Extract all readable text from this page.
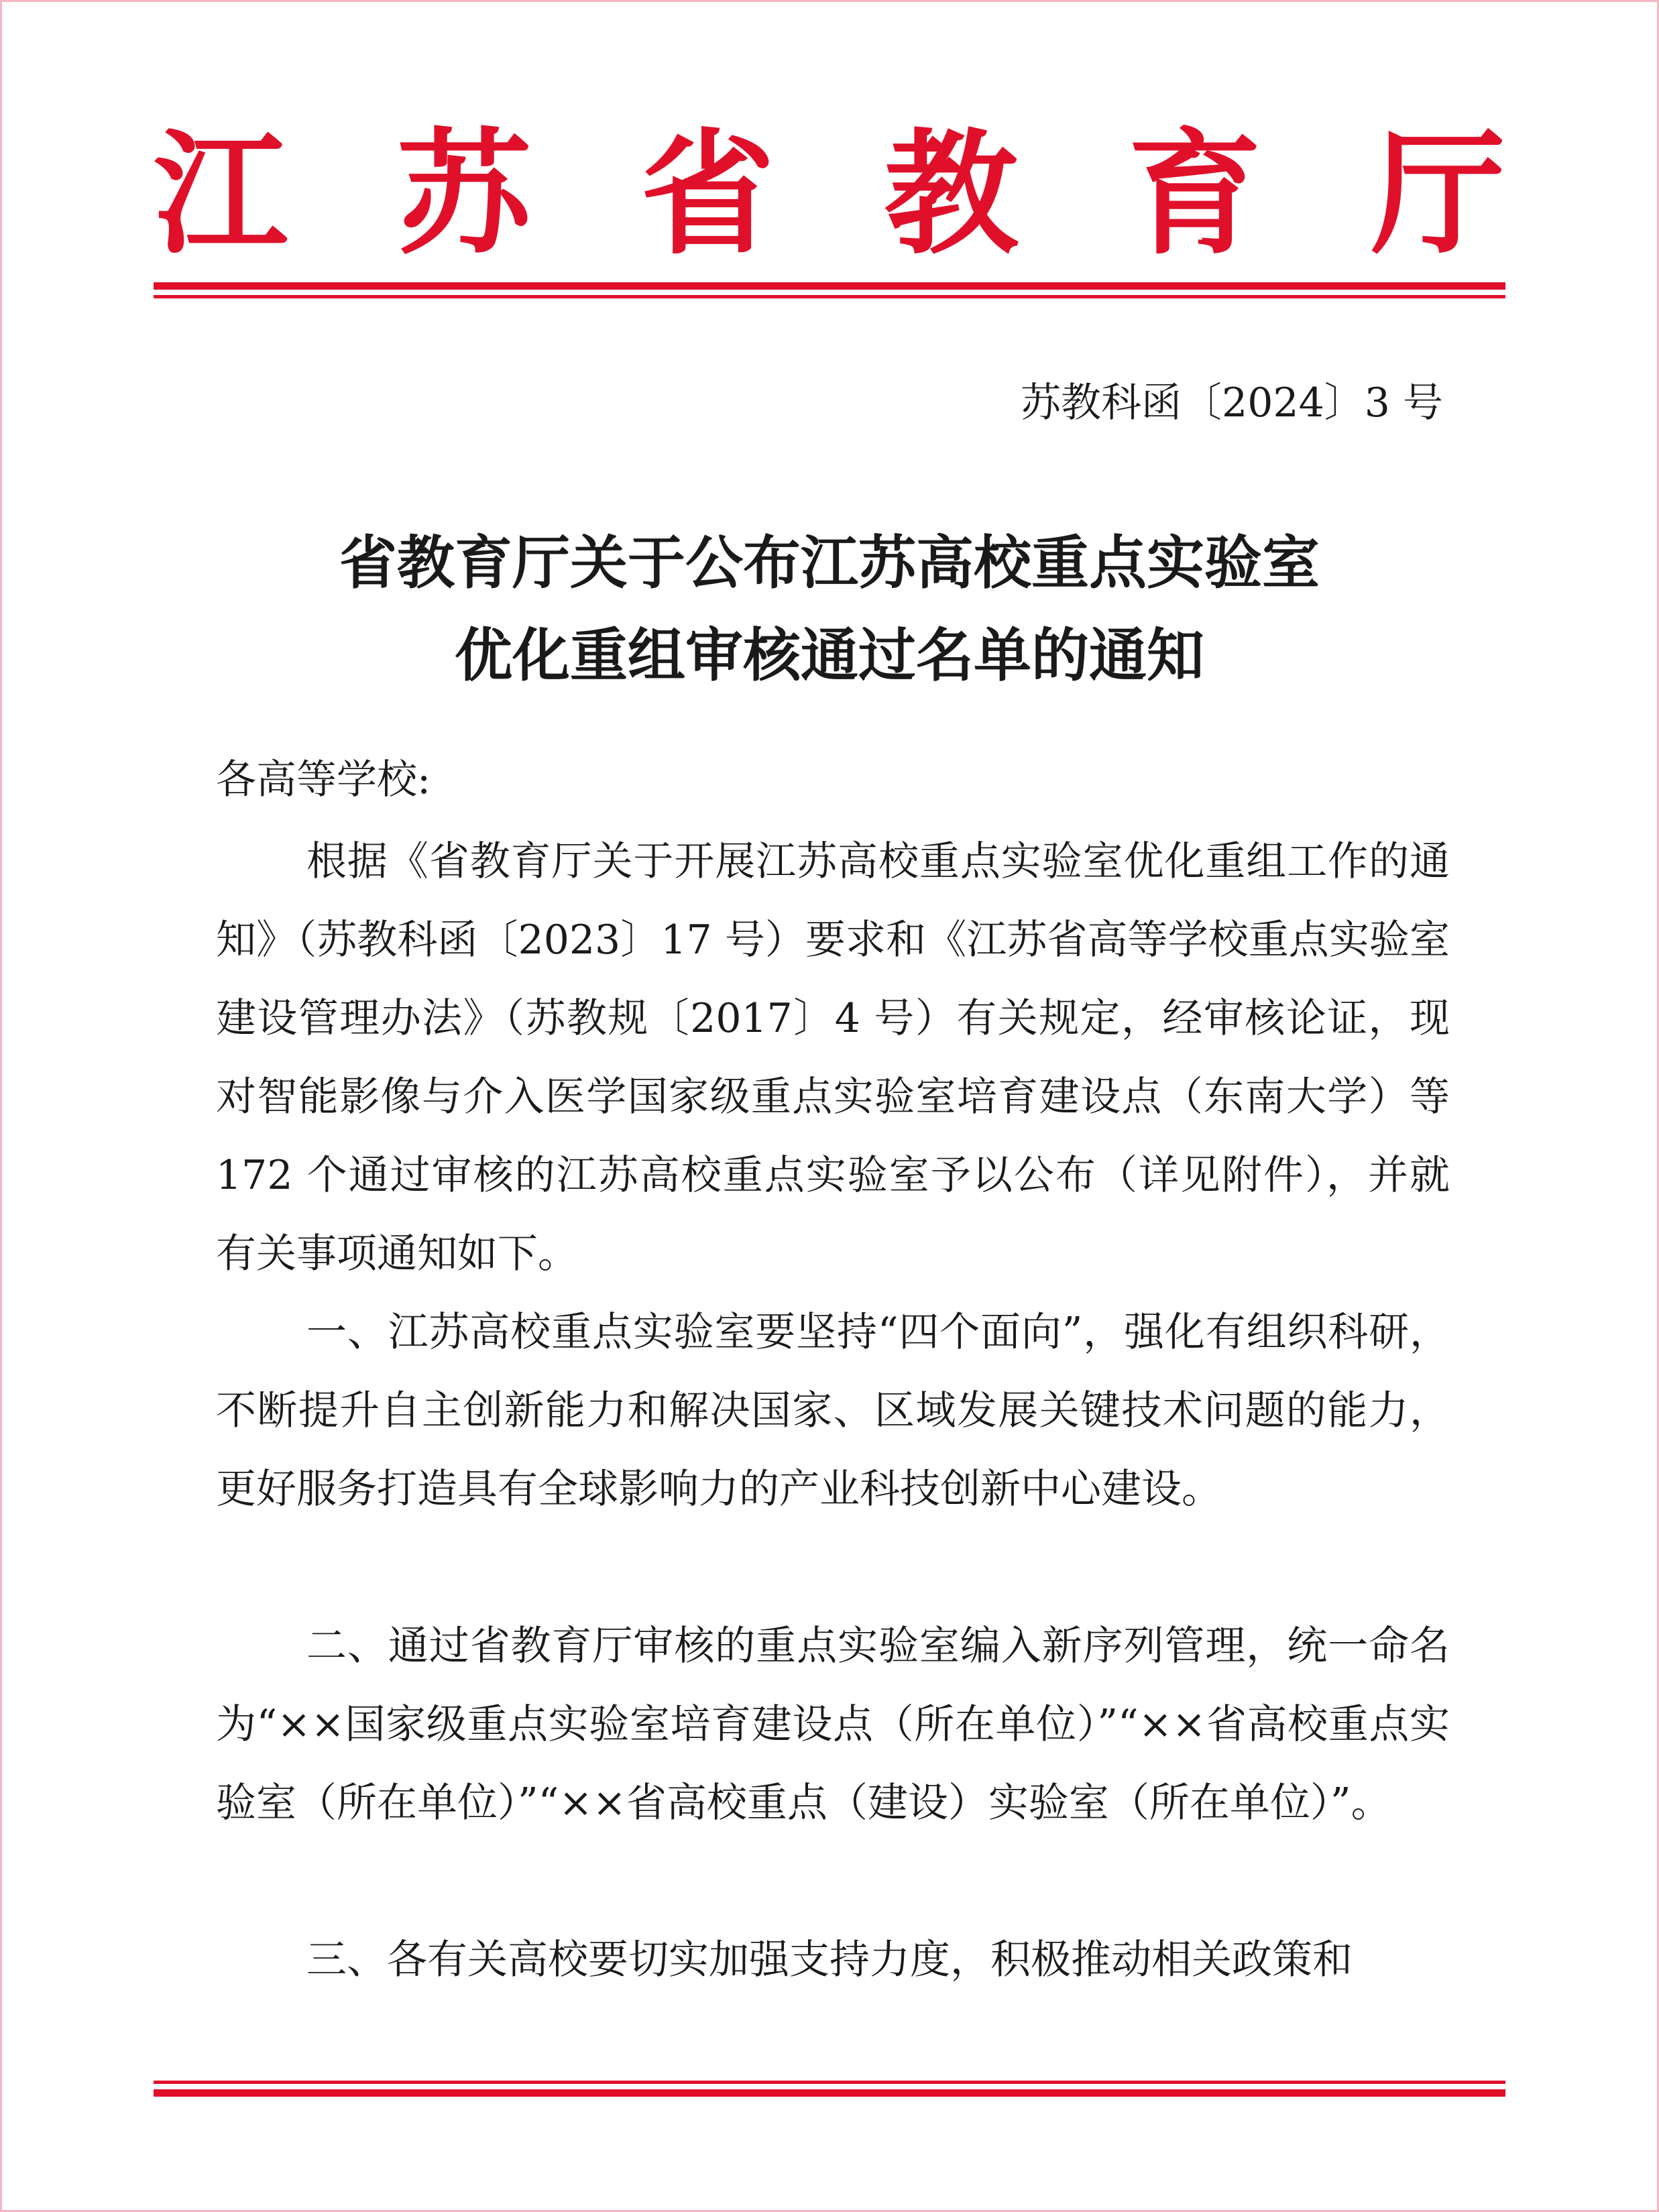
江 苏 省 教 育 厅
苏教科函〔2024〕3 号
省教育厅关于公布江苏高校重点实验室
优化重组审核通过名单的通知
各高等学校:

根据《省教育厅关于开展江苏高校重点实验室优化重组工作的通知》（苏教科函〔2023〕17 号）要求和《江苏省高等学校重点实验室建设管理办法》（苏教规〔2017〕4 号）有关规定，经审核论证，现对智能影像与介入医学国家级重点实验室培育建设点（东南大学）等 172 个通过审核的江苏高校重点实验室予以公布（详见附件），并就有关事项通知如下。

一、江苏高校重点实验室要坚持“四个面向”，强化有组织科研，不断提升自主创新能力和解决国家、区域发展关键技术问题的能力，更好服务打造具有全球影响力的产业科技创新中心建设。

二、通过省教育厅审核的重点实验室编入新序列管理，统一命名为“××国家级重点实验室培育建设点（所在单位）”“××省高校重点实验室（所在单位）”“××省高校重点（建设）实验室（所在单位）”。

三、各有关高校要切实加强支持力度，积极推动相关政策和
